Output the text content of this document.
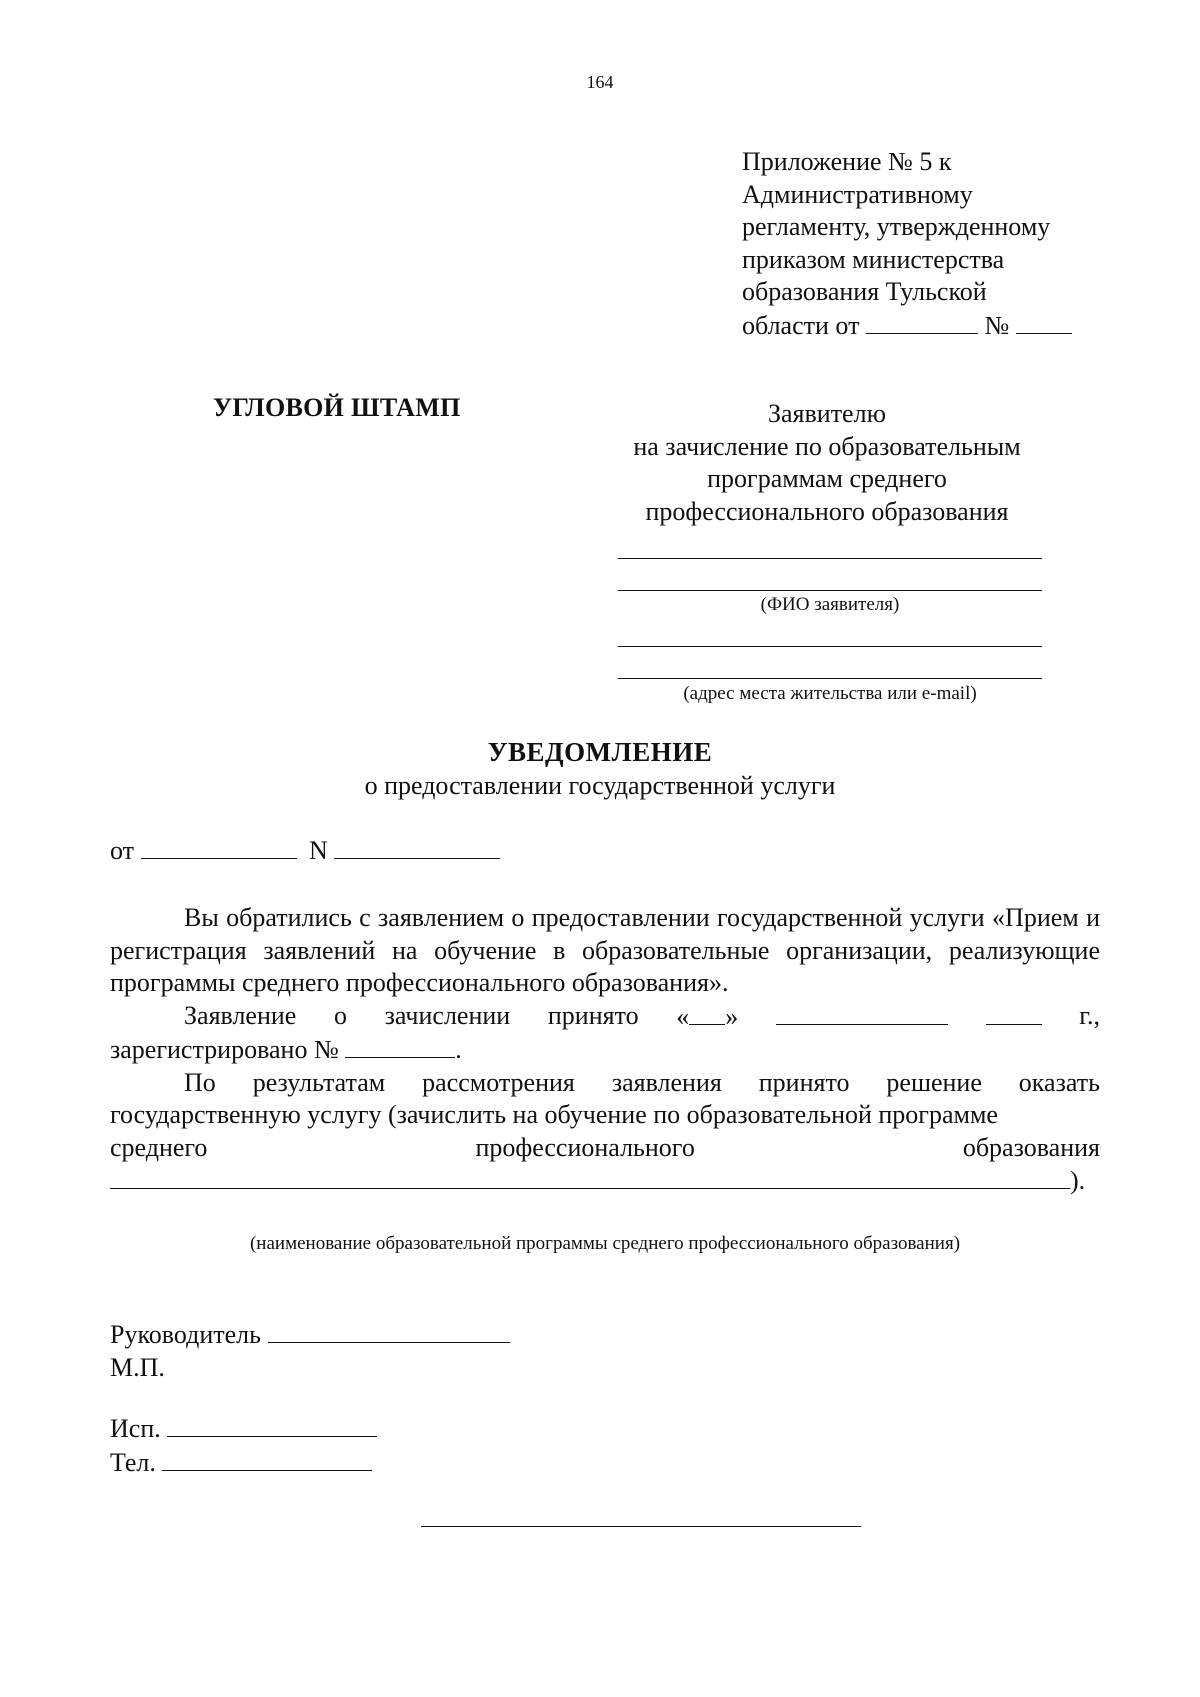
164
Приложение № 5 к
Административному
регламенту, утвержденному
приказом министерства
образования Тульской
области от	№
УГЛОВОЙ ШТАМП	Заявителю
на зачисление по образовательным
программам среднего
профессионального образования
(ФИО заявителя)
(адрес места жительства или e-mail)
УВЕДОМЛЕНИЕ
о предоставлении государственной услуги
от	N
Вы обратились с заявлением о предоставлении государственной услуги «Прием и регистрация заявлений на обучение в образовательные организации, реализующие программы среднего профессионального образования».
Заявление о зачислении принято « »	г.,
зарегистрировано №	.
По результатам рассмотрения заявления принято решение оказать
государственную услугу (зачислить на обучение по образовательной программе
среднего	профессионального	образования
).
(наименование образовательной программы среднего профессионального образования)
Руководитель
М.П.
Исп.
Тел.
